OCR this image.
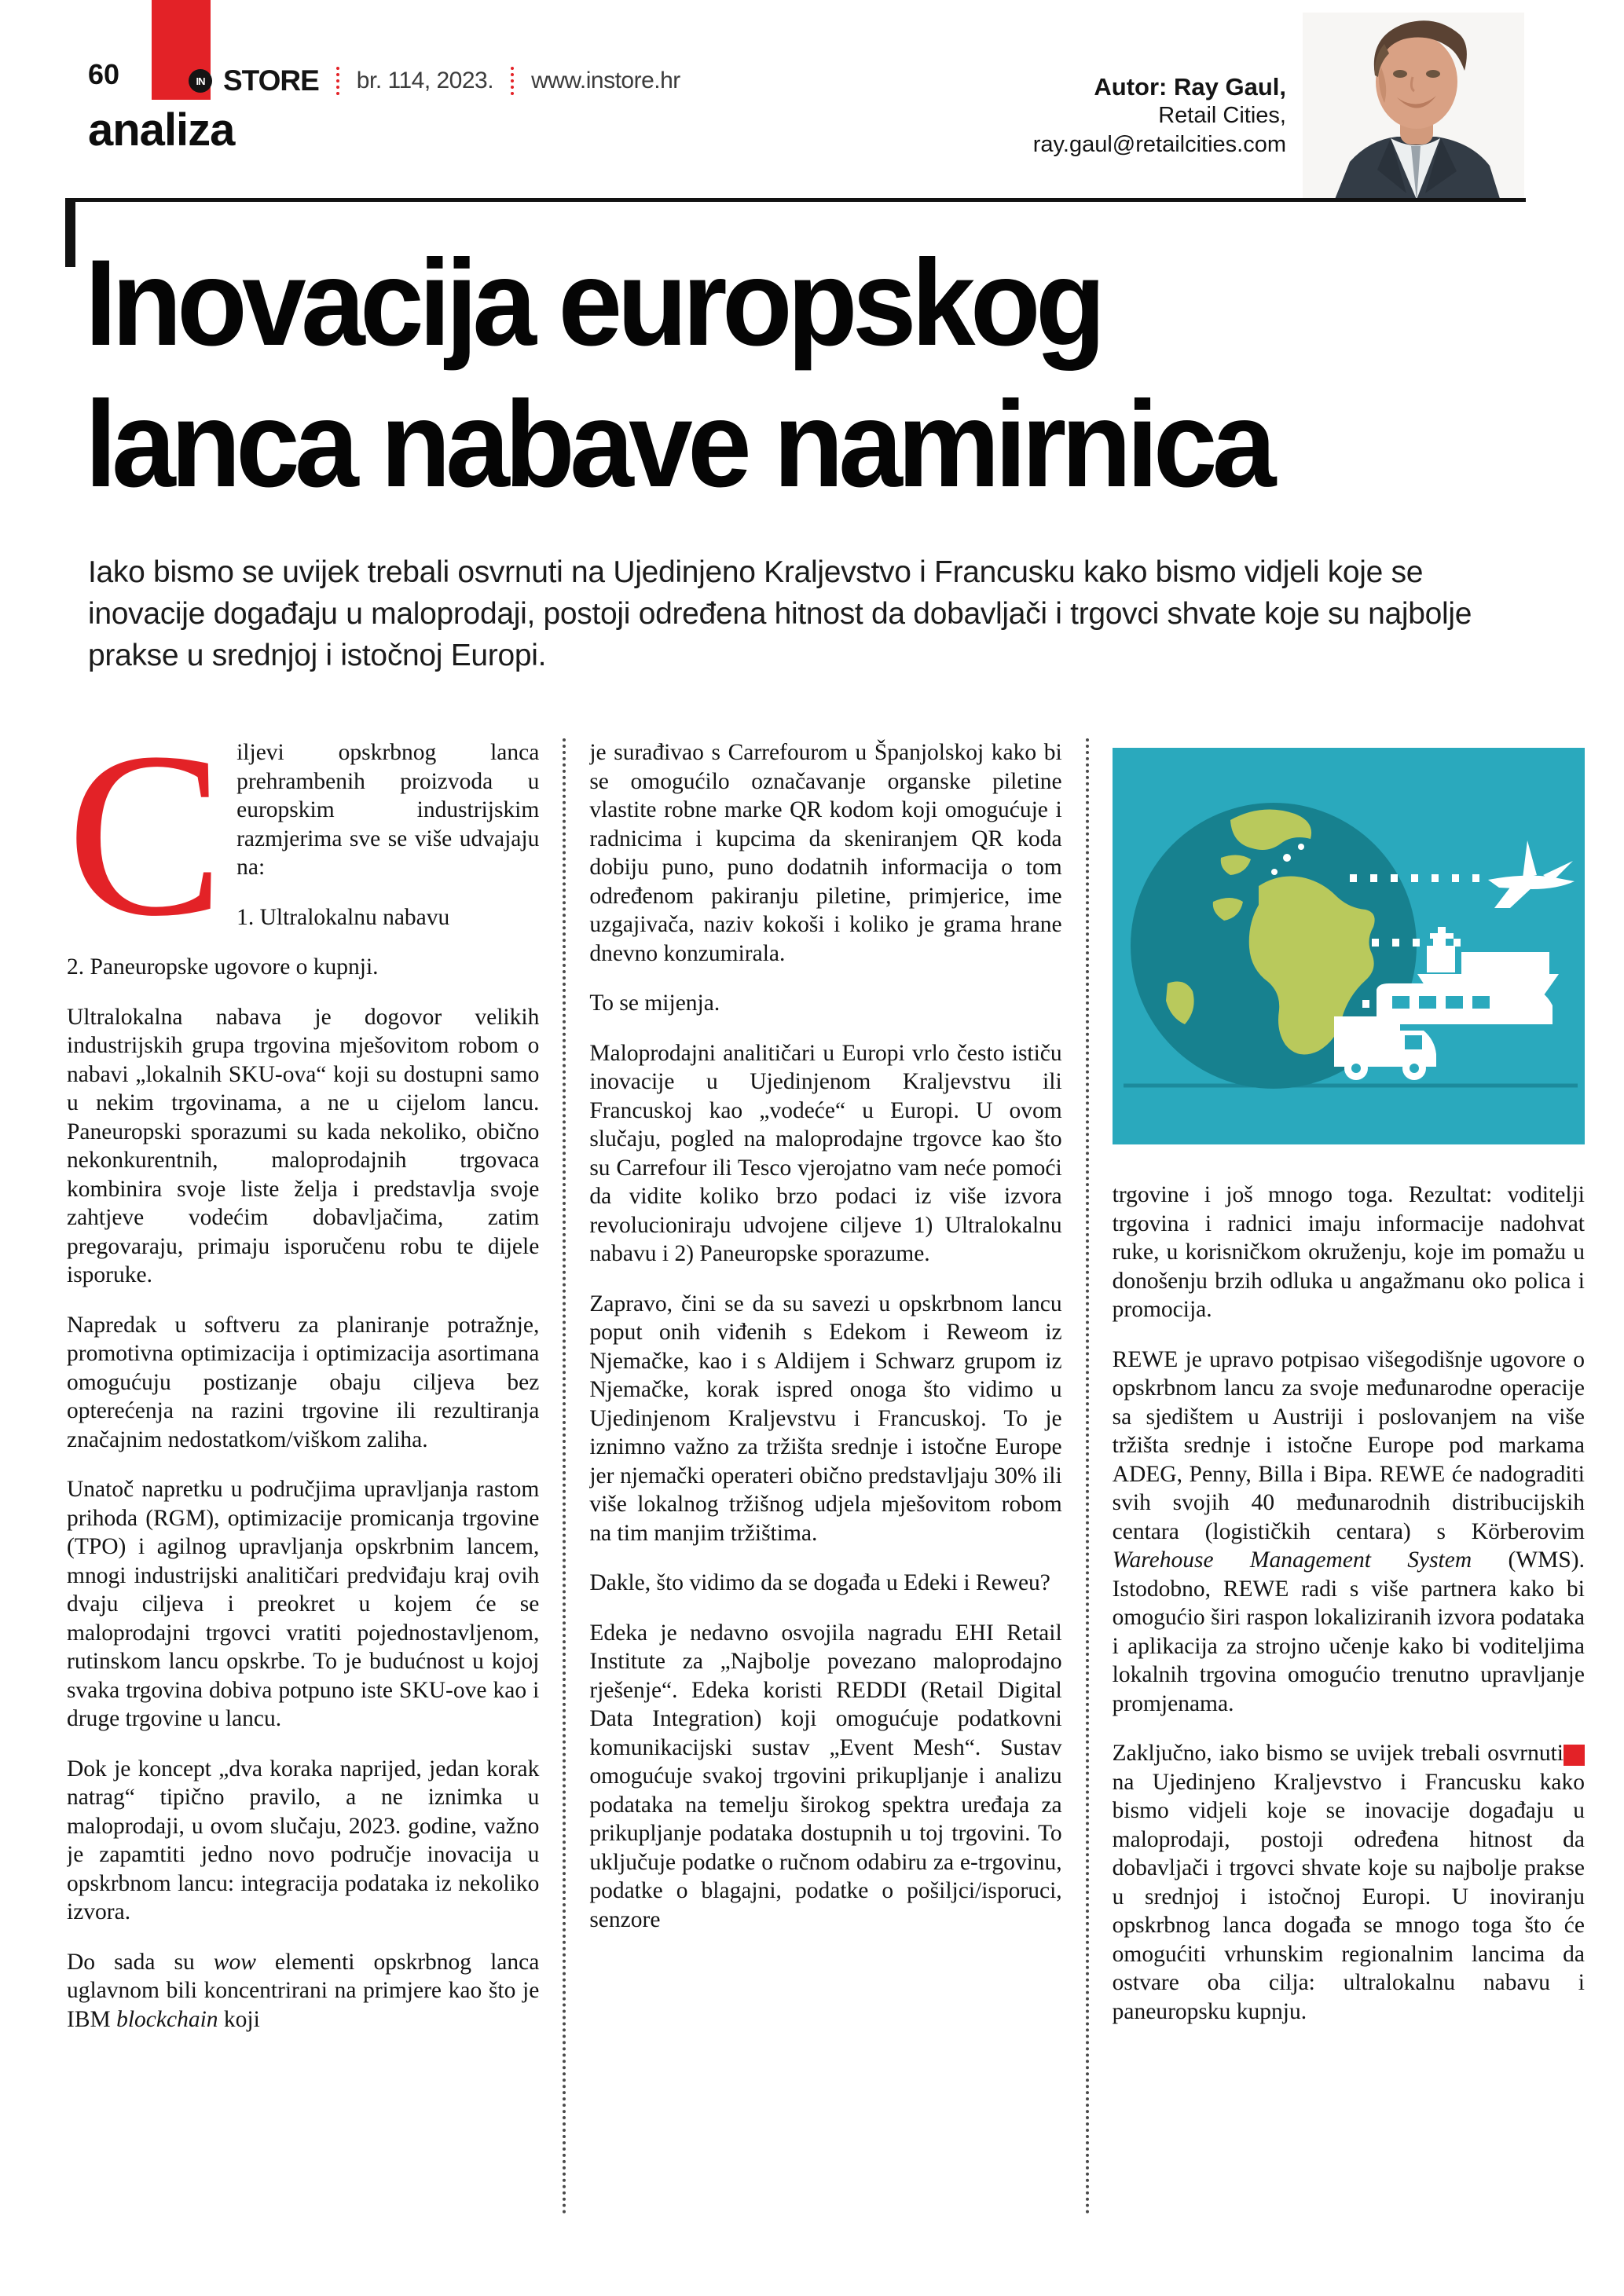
60	IN STORE br. 114, 2023. www.instore.hr
analiza
Autor: Ray Gaul,
Retail Cities,
ray.gaul@retailcities.com
Inovacija europskog
lanca nabave namirnica
Iako bismo se uvijek trebali osvrnuti na Ujedinjeno Kraljevstvo i Francusku kako bismo vidjeli koje se inovacije događaju u maloprodaji, postoji određena hitnost da dobavljači i trgovci shvate koje su najbolje prakse u srednjoj i istočnoj Europi.

Ciljevi opskrbnog lanca prehrambenih proizvoda u europskim industrijskim razmjerima sve se više udvajaju na:

1. Ultralokalnu nabavu

2. Paneuropske ugovore o kupnji.

Ultralokalna nabava je dogovor velikih industrijskih grupa trgovina mješovitom robom o nabavi „lokalnih SKU-ova“ koji su dostupni samo u nekim trgovinama, a ne u cijelom lancu. Paneuropski sporazumi su kada nekoliko, obično nekonkurentnih, maloprodajnih trgovaca kombinira svoje liste želja i predstavlja svoje zahtjeve vodećim dobavljačima, zatim pregovaraju, primaju isporučenu robu te dijele isporuke.

Napredak u softveru za planiranje potražnje, promotivna optimizacija i optimizacija asortimana omogućuju postizanje obaju ciljeva bez opterećenja na razini trgovine ili rezultiranja značajnim nedostatkom/viškom zaliha.

Unatoč napretku u područjima upravljanja rastom prihoda (RGM), optimizacije promicanja trgovine (TPO) i agilnog upravljanja opskrbnim lancem, mnogi industrijski analitičari predviđaju kraj ovih dvaju ciljeva i preokret u kojem će se maloprodajni trgovci vratiti pojednostavljenom, rutinskom lancu opskrbe. To je budućnost u kojoj svaka trgovina dobiva potpuno iste SKU-ove kao i druge trgovine u lancu.

Dok je koncept „dva koraka naprijed, jedan korak natrag“ tipično pravilo, a ne iznimka u maloprodaji, u ovom slučaju, 2023. godine, važno je zapamtiti jedno novo područje inovacija u opskrbnom lancu: integracija podataka iz nekoliko izvora.

Do sada su wow elementi opskrbnog lanca uglavnom bili koncentrirani na primjere kao što je IBM blockchain koji

je surađivao s Carrefourom u Španjolskoj kako bi se omogućilo označavanje organske piletine vlastite robne marke QR kodom koji omogućuje i radnicima i kupcima da skeniranjem QR koda dobiju puno, puno dodatnih informacija o tom određenom pakiranju piletine, primjerice, ime uzgajivača, naziv kokoši i koliko je grama hrane dnevno konzumirala.

To se mijenja.

Maloprodajni analitičari u Europi vrlo često ističu inovacije u Ujedinjenom Kraljevstvu ili Francuskoj kao „vodeće“ u Europi. U ovom slučaju, pogled na maloprodajne trgovce kao što su Carrefour ili Tesco vjerojatno vam neće pomoći da vidite koliko brzo podaci iz više izvora revolucioniraju udvojene ciljeve 1) Ultralokalnu nabavu i 2) Paneuropske sporazume.

Zapravo, čini se da su savezi u opskrbnom lancu poput onih viđenih s Edekom i Reweom iz Njemačke, kao i s Aldijem i Schwarz grupom iz Njemačke, korak ispred onoga što vidimo u Ujedinjenom Kraljevstvu i Francuskoj. To je iznimno važno za tržišta srednje i istočne Europe jer njemački operateri obično predstavljaju 30% ili više lokalnog tržišnog udjela mješovitom robom na tim manjim tržištima.

Dakle, što vidimo da se događa u Edeki i Reweu?

Edeka je nedavno osvojila nagradu EHI Retail Institute za „Najbolje povezano maloprodajno rješenje“. Edeka koristi REDDI (Retail Digital Data Integration) koji omogućuje podatkovni komunikacijski sustav „Event Mesh“. Sustav omogućuje svakoj trgovini prikupljanje i analizu podataka na temelju širokog spektra uređaja za prikupljanje podataka dostupnih u toj trgovini. To uključuje podatke o ručnom odabiru za e-trgovinu, podatke o blagajni, podatke o pošiljci/isporuci, senzore

trgovine i još mnogo toga. Rezultat: voditelji trgovina i radnici imaju informacije nadohvat ruke, u korisničkom okruženju, koje im pomažu u donošenju brzih odluka u angažmanu oko polica i promocija.

REWE je upravo potpisao višegodišnje ugovore o opskrbnom lancu za svoje međunarodne operacije sa sjedištem u Austriji i poslovanjem na više tržišta srednje i istočne Europe pod markama ADEG, Penny, Billa i Bipa. REWE će nadograditi svih svojih 40 međunarodnih distribucijskih centara (logističkih centara) s Körberovim Warehouse Management System (WMS). Istodobno, REWE radi s više partnera kako bi omogućio širi raspon lokaliziranih izvora podataka i aplikacija za strojno učenje kako bi voditeljima lokalnih trgovina omogućio trenutno upravljanje promjenama.

Zaključno, iako bismo se uvijek trebali osvrnuti na Ujedinjeno Kraljevstvo i Francusku kako bismo vidjeli koje se inovacije događaju u maloprodaji, postoji određena hitnost da dobavljači i trgovci shvate koje su najbolje prakse u srednjoj i istočnoj Europi. U inoviranju opskrbnog lanca događa se mnogo toga što će omogućiti vrhunskim regionalnim lancima da ostvare oba cilja: ultralokalnu nabavu i paneuropsku kupnju.
